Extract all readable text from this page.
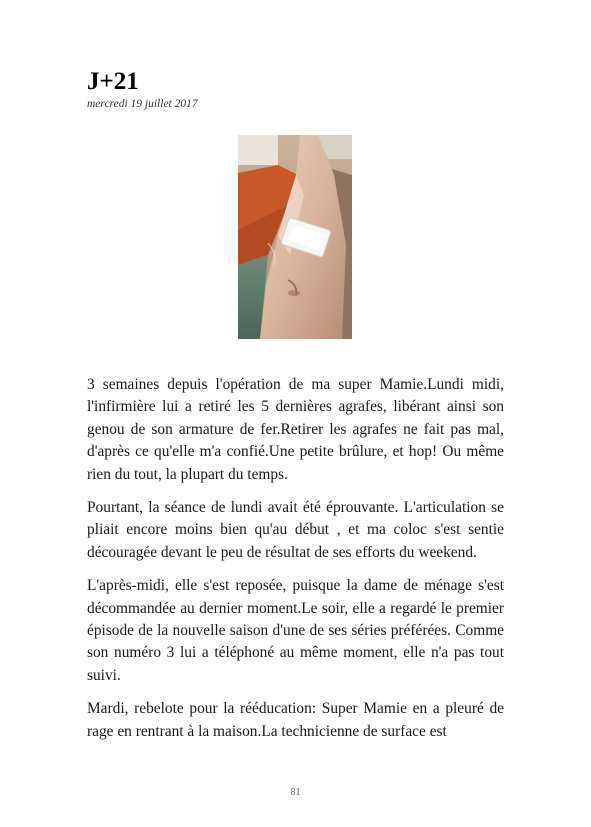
J+21
mercredi 19 juillet 2017

3 semaines depuis l'opération de ma super Mamie.Lundi midi, l'infirmière lui a retiré les 5 dernières agrafes, libérant ainsi son genou de son armature de fer.Retirer les agrafes ne fait pas mal, d'après ce qu'elle m'a confié.Une petite brûlure, et hop! Ou même rien du tout, la plupart du temps.

Pourtant, la séance de lundi avait été éprouvante. L'articulation se pliait encore moins bien qu'au début , et ma coloc s'est sentie découragée devant le peu de résultat de ses efforts du weekend.

L'après-midi, elle s'est reposée, puisque la dame de ménage s'est décommandée au dernier moment.Le soir, elle a regardé le premier épisode de la nouvelle saison d'une de ses séries préférées. Comme son numéro 3 lui a téléphoné au même moment, elle n'a pas tout suivi.

Mardi, rebelote pour la rééducation: Super Mamie en a pleuré de rage en rentrant à la maison.La technicienne de surface est

81
